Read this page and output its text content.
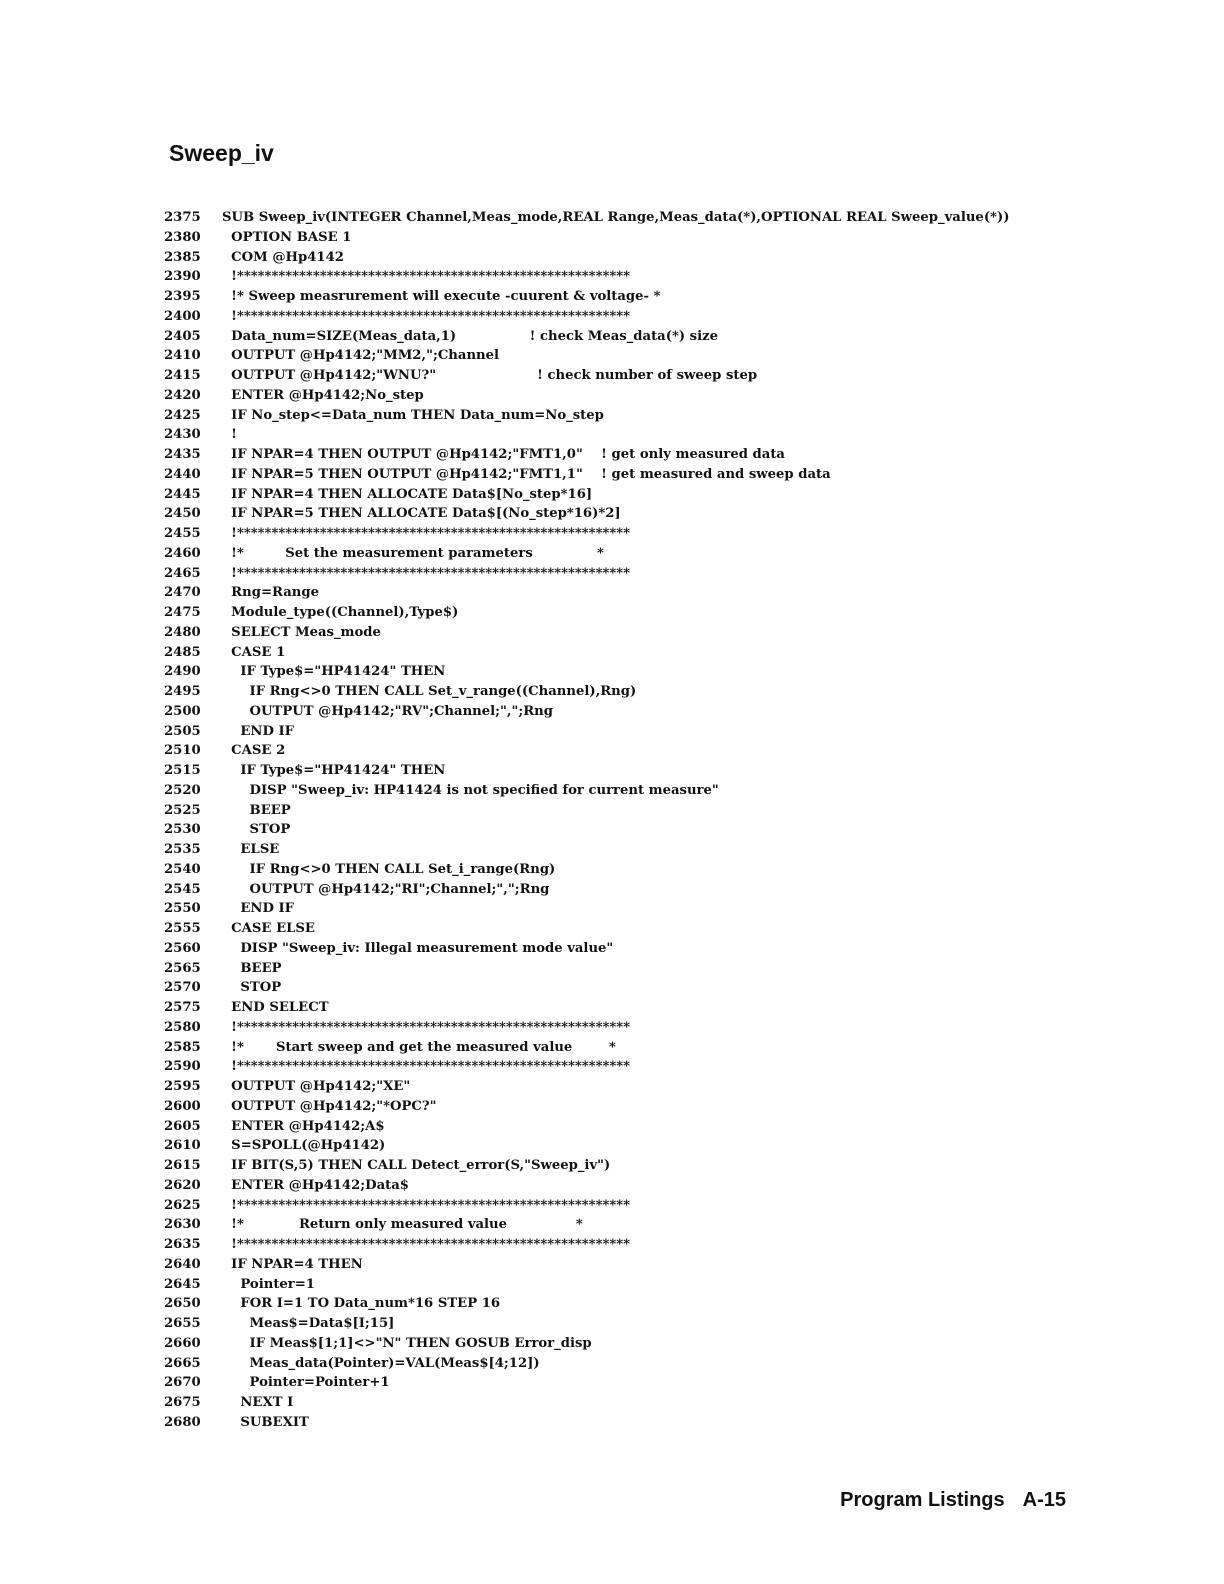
Sweep_iv
2375	SUB Sweep_iv(INTEGER Channel,Meas_mode,REAL Range,Meas_data(*),OPTIONAL REAL Sweep_value(*))
2380	OPTION BASE 1
2385	COM @Hp4142
2390	!*********************************************************
2395	!* Sweep measrurement will execute -cuurent & voltage- *
2400	!*********************************************************
2405	Data_num=SIZE(Meas_data,1)                ! check Meas_data(*) size
2410	OUTPUT @Hp4142;"MM2,";Channel
2415	OUTPUT @Hp4142;"WNU?"                      ! check number of sweep step
2420	ENTER @Hp4142;No_step
2425	IF No_step<=Data_num THEN Data_num=No_step
2430	!
2435	IF NPAR=4 THEN OUTPUT @Hp4142;"FMT1,0"    ! get only measured data
2440	IF NPAR=5 THEN OUTPUT @Hp4142;"FMT1,1"    ! get measured and sweep data
2445	IF NPAR=4 THEN ALLOCATE Data$[No_step*16]
2450	IF NPAR=5 THEN ALLOCATE Data$[(No_step*16)*2]
2455	!*********************************************************
2460	!*         Set the measurement parameters              *
2465	!*********************************************************
2470	Rng=Range
2475	Module_type((Channel),Type$)
2480	SELECT Meas_mode
2485	CASE 1
2490	IF Type$="HP41424" THEN
2495	IF Rng<>0 THEN CALL Set_v_range((Channel),Rng)
2500	OUTPUT @Hp4142;"RV";Channel;",";Rng
2505	END IF
2510	CASE 2
2515	IF Type$="HP41424" THEN
2520	DISP "Sweep_iv: HP41424 is not specified for current measure"
2525	BEEP
2530	STOP
2535	ELSE
2540	IF Rng<>0 THEN CALL Set_i_range(Rng)
2545	OUTPUT @Hp4142;"RI";Channel;",";Rng
2550	END IF
2555	CASE ELSE
2560	DISP "Sweep_iv: Illegal measurement mode value"
2565	BEEP
2570	STOP
2575	END SELECT
2580	!*********************************************************
2585	!*       Start sweep and get the measured value        *
2590	!*********************************************************
2595	OUTPUT @Hp4142;"XE"
2600	OUTPUT @Hp4142;"*OPC?"
2605	ENTER @Hp4142;A$
2610	S=SPOLL(@Hp4142)
2615	IF BIT(S,5) THEN CALL Detect_error(S,"Sweep_iv")
2620	ENTER @Hp4142;Data$
2625	!*********************************************************
2630	!*            Return only measured value               *
2635	!*********************************************************
2640	IF NPAR=4 THEN
2645	Pointer=1
2650	FOR I=1 TO Data_num*16 STEP 16
2655	Meas$=Data$[I;15]
2660	IF Meas$[1;1]<>"N" THEN GOSUB Error_disp
2665	Meas_data(Pointer)=VAL(Meas$[4;12])
2670	Pointer=Pointer+1
2675	NEXT I
2680	SUBEXIT

Program Listings A-15
